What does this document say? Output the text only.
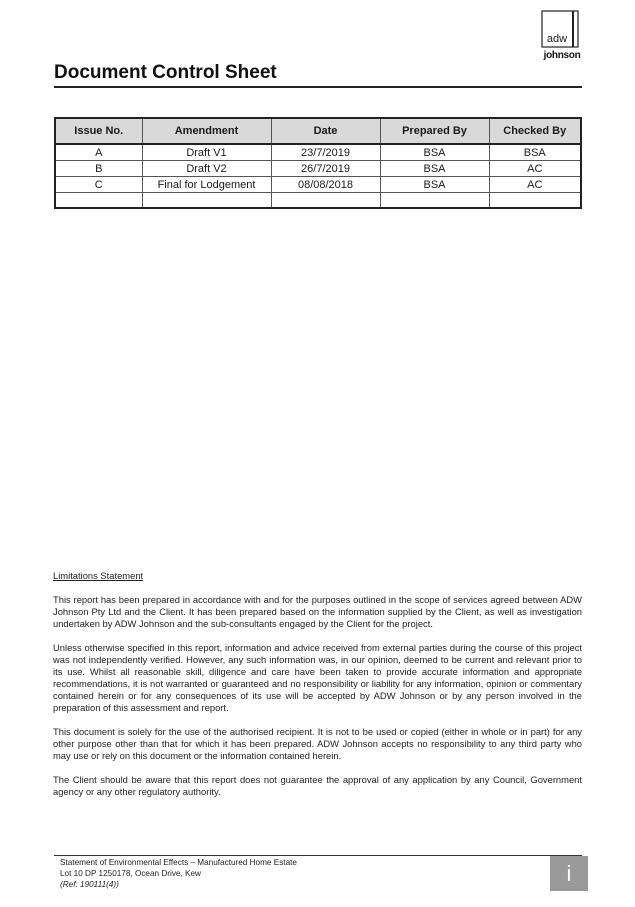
adw
johnson
Document Control Sheet
Issue No.	Amendment	Date	Prepared By	Checked By
A	Draft V1	23/7/2019	BSA	BSA
B	Draft V2	26/7/2019	BSA	AC
C	Final for Lodgement	08/08/2018	BSA	AC

Limitations Statement

This report has been prepared in accordance with and for the purposes outlined in the scope of services agreed between ADW Johnson Pty Ltd and the Client. It has been prepared based on the information supplied by the Client, as well as investigation undertaken by ADW Johnson and the sub-consultants engaged by the Client for the project.

Unless otherwise specified in this report, information and advice received from external parties during the course of this project was not independently verified. However, any such information was, in our opinion, deemed to be current and relevant prior to its use. Whilst all reasonable skill, diligence and care have been taken to provide accurate information and appropriate recommendations, it is not warranted or guaranteed and no responsibility or liability for any information, opinion or commentary contained herein or for any consequences of its use will be accepted by ADW Johnson or by any person involved in the preparation of this assessment and report.

This document is solely for the use of the authorised recipient. It is not to be used or copied (either in whole or in part) for any other purpose other than that for which it has been prepared. ADW Johnson accepts no responsibility to any third party who may use or rely on this document or the information contained herein.

The Client should be aware that this report does not guarantee the approval of any application by any Council, Government agency or any other regulatory authority.

Statement of Environmental Effects – Manufactured Home Estate
Lot 10 DP 1250178, Ocean Drive, Kew
(Ref: 190111(4))	i
